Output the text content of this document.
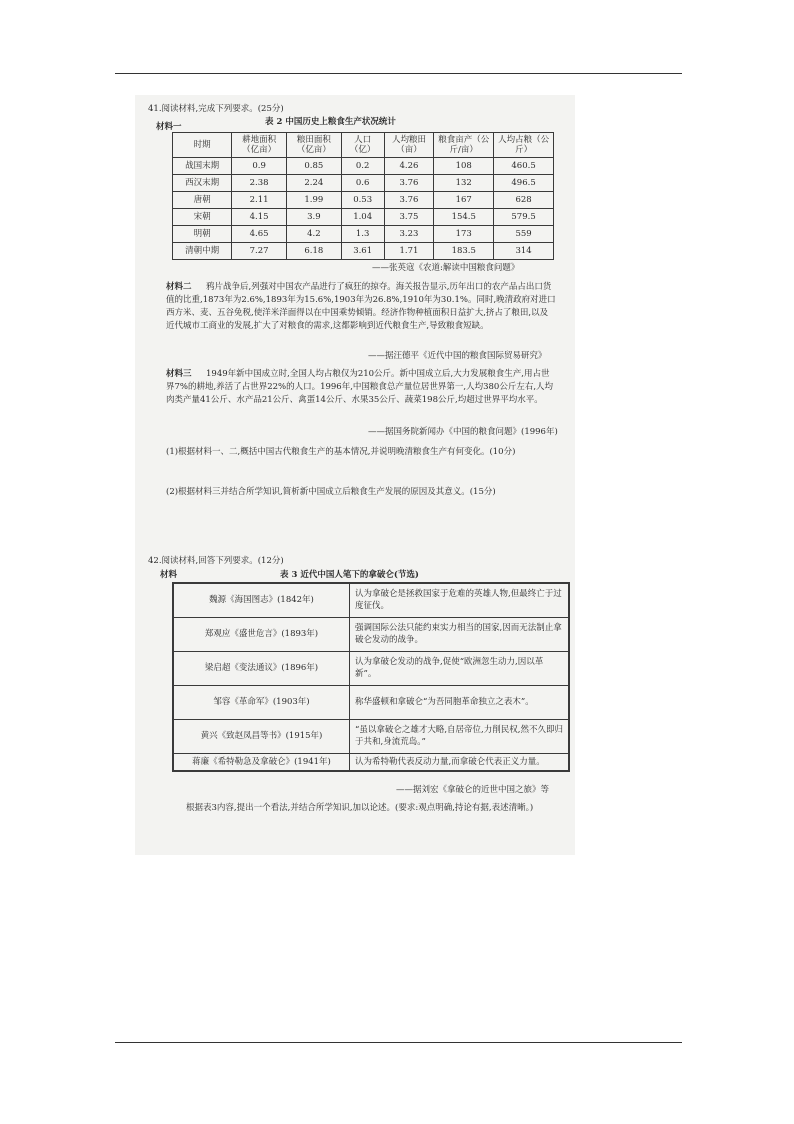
41.阅读材料,完成下列要求。(25分)
表 2 中国历史上粮食生产状况统计
材料一
时期	耕地面积（亿亩）	粮田面积（亿亩）	人口（亿）	人均粮田（亩）	粮食亩产（公斤/亩）	人均占粮（公斤）
战国末期	0.9	0.85	0.2	4.26	108	460.5
西汉末期	2.38	2.24	0.6	3.76	132	496.5
唐朝	2.11	1.99	0.53	3.76	167	628
宋朝	4.15	3.9	1.04	3.75	154.5	579.5
明朝	4.65	4.2	1.3	3.23	173	559
清朝中期	7.27	6.18	3.61	1.71	183.5	314
——张英寇《农道:解读中国粮食问题》
材料二	鸦片战争后,列强对中国农产品进行了疯狂的掠夺。海关报告显示,历年出口的农产品占出口货值的比重,1873年为2.6%,1893年为15.6%,1903年为26.8%,1910年为30.1%。同时,晚清政府对进口西方米、麦、五谷免税,使洋米洋面得以在中国乘势倾销。经济作物种植面积日益扩大,挤占了粮田,以及近代城市工商业的发展,扩大了对粮食的需求,这都影响到近代粮食生产,导致粮食短缺。
——据汪德平《近代中国的粮食国际贸易研究》
材料三	1949年新中国成立时,全国人均占粮仅为210公斤。新中国成立后,大力发展粮食生产,用占世界7%的耕地,养活了占世界22%的人口。1996年,中国粮食总产量位居世界第一,人均380公斤左右,人均肉类产量41公斤、水产品21公斤、禽蛋14公斤、水果35公斤、蔬菜198公斤,均超过世界平均水平。
——据国务院新闻办《中国的粮食问题》(1996年)
(1)根据材料一、二,概括中国古代粮食生产的基本情况,并说明晚清粮食生产有何变化。(10分)
(2)根据材料三并结合所学知识,简析新中国成立后粮食生产发展的原因及其意义。(15分)
42.阅读材料,回答下列要求。(12分)
材料	表 3 近代中国人笔下的拿破仑(节选)
魏源《海国图志》(1842年)	认为拿破仑是拯救国家于危难的英雄人物,但最终亡于过度征伐。
郑观应《盛世危言》(1893年)	强调国际公法只能约束实力相当的国家,因而无法制止拿破仑发动的战争。
梁启超《变法通议》(1896年)	认为拿破仑发动的战争,促使“欧洲忽生动力,因以革新”。
邹容《革命军》(1903年)	称华盛顿和拿破仑“为吾同胞革命独立之表木”。
黄兴《致赵凤昌等书》(1915年)	“虽以拿破仑之雄才大略,自居帝位,力削民权,然不久即归于共和,身流荒岛。”
蒋廉《希特勒急及拿破仑》(1941年)	认为希特勒代表反动力量,而拿破仑代表正义力量。
——据刘宏《拿破仑的近世中国之旅》等
根据表3内容,提出一个看法,并结合所学知识,加以论述。(要求:观点明确,持论有据,表述清晰。)
